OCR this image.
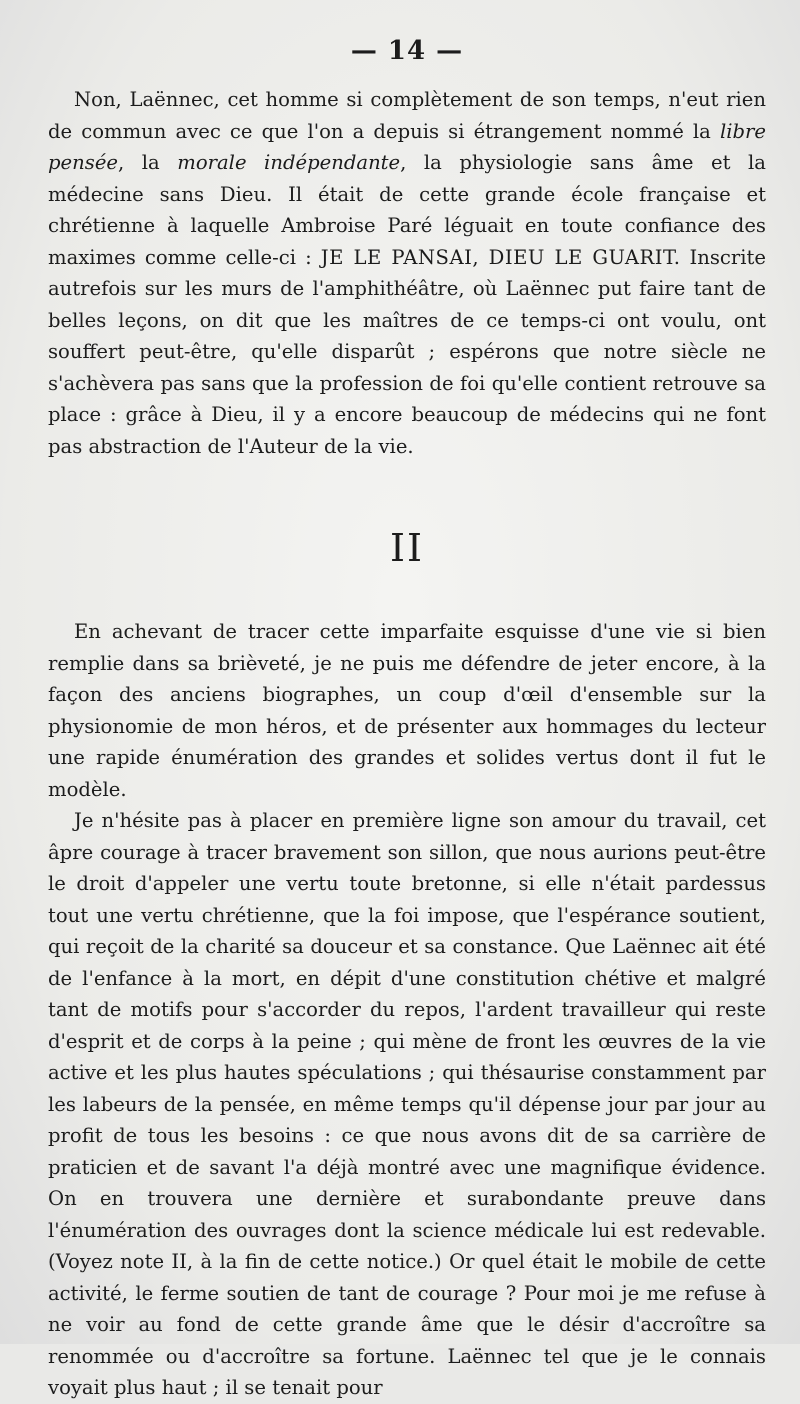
— 14 —

Non, Laënnec, cet homme si complètement de son temps, n'eut rien de commun avec ce que l'on a depuis si étrangement nommé la libre pensée, la morale indépendante, la physiologie sans âme et la médecine sans Dieu. Il était de cette grande école française et chrétienne à laquelle Ambroise Paré léguait en toute confiance des maximes comme celle-ci : JE LE PANSAI, DIEU LE GUARIT. Inscrite autrefois sur les murs de l'amphithéâtre, où Laënnec put faire tant de belles leçons, on dit que les maîtres de ce temps-ci ont voulu, ont souffert peut-être, qu'elle disparût ; espérons que notre siècle ne s'achèvera pas sans que la profession de foi qu'elle contient retrouve sa place : grâce à Dieu, il y a encore beaucoup de médecins qui ne font pas abstraction de l'Auteur de la vie.

II

En achevant de tracer cette imparfaite esquisse d'une vie si bien remplie dans sa brièveté, je ne puis me défendre de jeter encore, à la façon des anciens biographes, un coup d'œil d'ensemble sur la physionomie de mon héros, et de présenter aux hommages du lecteur une rapide énumération des grandes et solides vertus dont il fut le modèle.

Je n'hésite pas à placer en première ligne son amour du travail, cet âpre courage à tracer bravement son sillon, que nous aurions peut-être le droit d'appeler une vertu toute bretonne, si elle n'était pardessus tout une vertu chrétienne, que la foi impose, que l'espérance soutient, qui reçoit de la charité sa douceur et sa constance. Que Laënnec ait été de l'enfance à la mort, en dépit d'une constitution chétive et malgré tant de motifs pour s'accorder du repos, l'ardent travailleur qui reste d'esprit et de corps à la peine ; qui mène de front les œuvres de la vie active et les plus hautes spéculations ; qui thésaurise constamment par les labeurs de la pensée, en même temps qu'il dépense jour par jour au profit de tous les besoins : ce que nous avons dit de sa carrière de praticien et de savant l'a déjà montré avec une magnifique évidence. On en trouvera une dernière et surabondante preuve dans l'énumération des ouvrages dont la science médicale lui est redevable. (Voyez note II, à la fin de cette notice.) Or quel était le mobile de cette activité, le ferme soutien de tant de courage ? Pour moi je me refuse à ne voir au fond de cette grande âme que le désir d'accroître sa renommée ou d'accroître sa fortune. Laënnec tel que je le connais voyait plus haut ; il se tenait pour
